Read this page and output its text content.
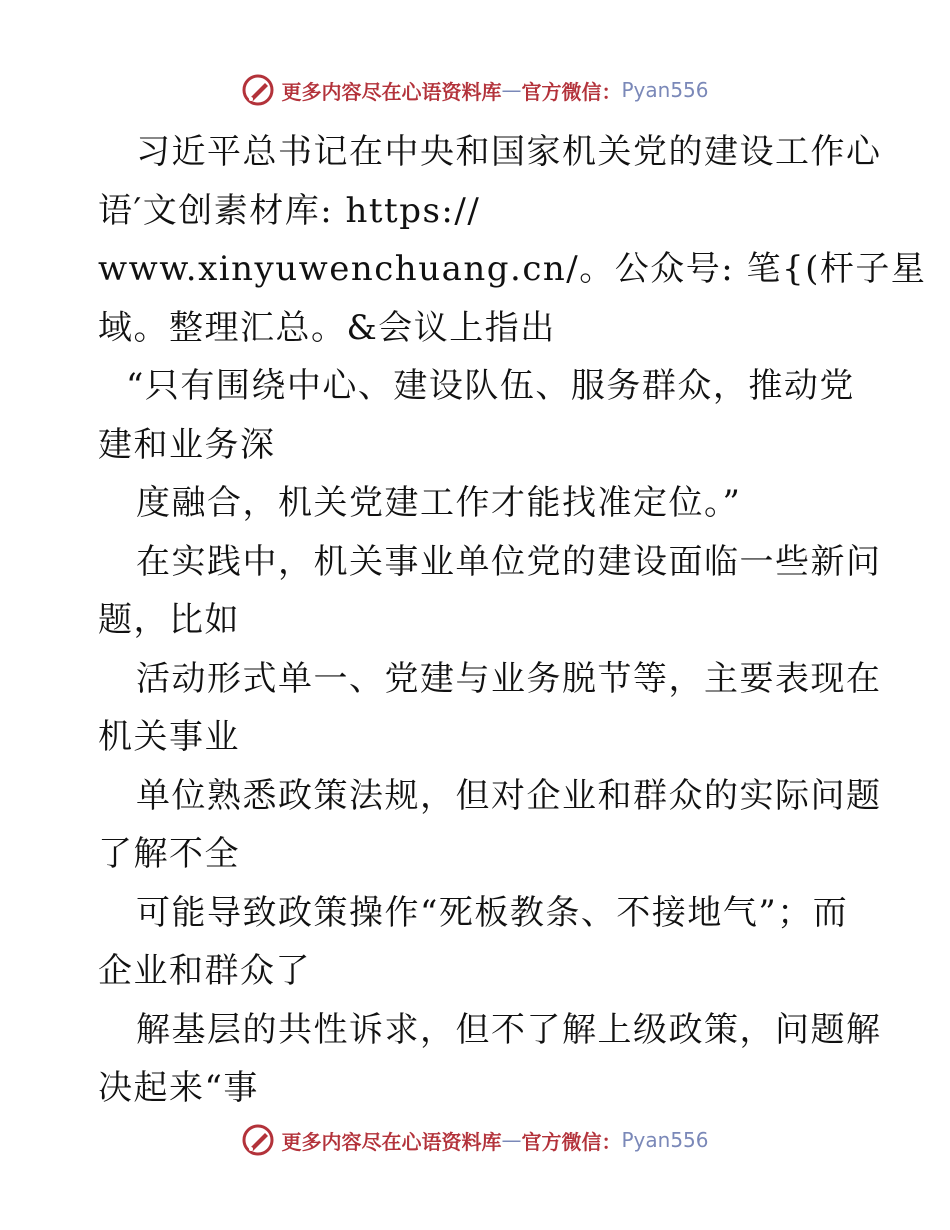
更多内容尽在心语资料库 — 官方微信： Pyan556
习近平总书记在中央和国家机关党的建设工作心
语′文创素材库: https://
www.xinyuwenchuang.cn/。公众号: 笔{(杆子星
域。整理汇总。&会议上指出
“只有围绕中心、建设队伍、服务群众，推动党
建和业务深
度融合，机关党建工作才能找准定位。”
在实践中，机关事业单位党的建设面临一些新问
题，比如
活动形式单一、党建与业务脱节等，主要表现在
机关事业
单位熟悉政策法规，但对企业和群众的实际问题
了解不全
可能导致政策操作“死板教条、不接地气”；而
企业和群众了
解基层的共性诉求，但不了解上级政策，问题解
决起来“事
更多内容尽在心语资料库 — 官方微信： Pyan556
